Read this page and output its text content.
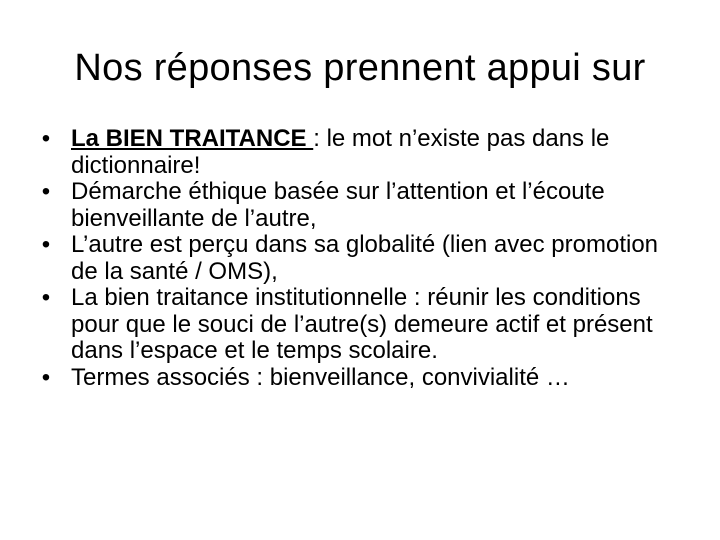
Nos réponses prennent appui sur
• La BIEN TRAITANCE : le mot n’existe pas dans le dictionnaire!
• Démarche éthique basée sur l’attention et l’écoute bienveillante de l’autre,
• L’autre est perçu dans sa globalité (lien avec promotion de la santé / OMS),
• La bien traitance institutionnelle : réunir les conditions pour que le souci de l’autre(s) demeure actif et présent dans l’espace et le temps scolaire.
• Termes associés : bienveillance, convivialité …
